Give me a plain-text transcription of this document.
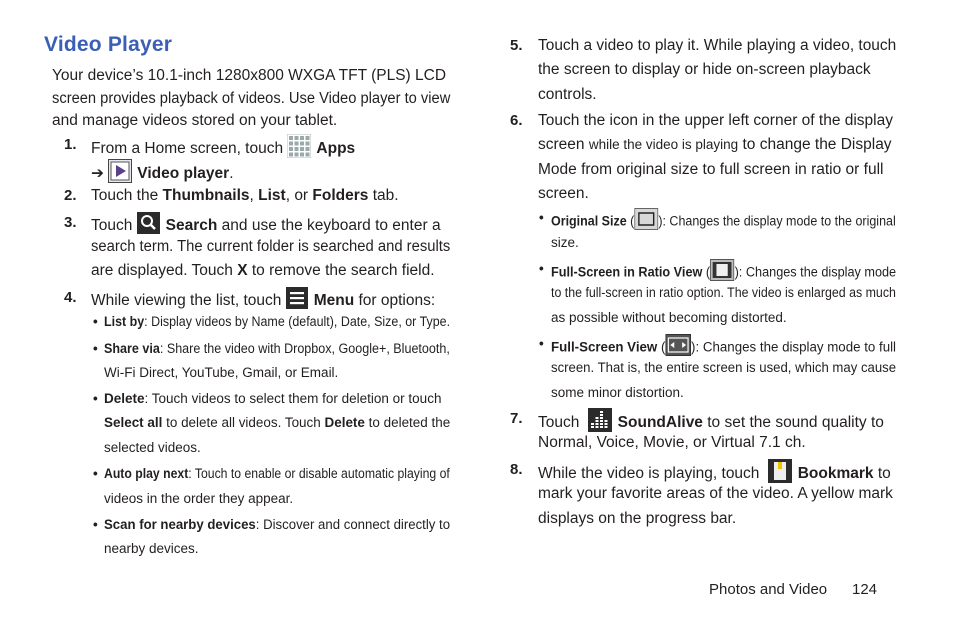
Video Player
Your device’s 10.1-inch 1280x800 WXGA TFT (PLS) LCD
screen provides playback of videos. Use Video player to view
and manage videos stored on your tablet.
1. From a Home screen, touch
Apps
➔
Video player.
2. Touch the Thumbnails, List, or Folders tab.
3. Touch
Search and use the keyboard to enter a
search term. The current folder is searched and results
are displayed. Touch X to remove the search field.
4. While viewing the list, touch
Menu for options:
• List by: Display videos by Name (default), Date, Size, or Type.
• Share via: Share the video with Dropbox, Google+, Bluetooth,
Wi-Fi Direct, YouTube, Gmail, or Email.
• Delete: Touch videos to select them for deletion or touch
Select all to delete all videos. Touch Delete to deleted the
selected videos.
• Auto play next: Touch to enable or disable automatic playing of
videos in the order they appear.
• Scan for nearby devices: Discover and connect directly to
nearby devices.
5. Touch a video to play it. While playing a video, touch
the screen to display or hide on-screen playback
controls.
6. Touch the icon in the upper left corner of the display
screen while the video is playing to change the Display
Mode from original size to full screen in ratio or full
screen.
• Original Size ( ): Changes the display mode to the original
size.
• Full-Screen in Ratio View ( ): Changes the display mode
to the full-screen in ratio option. The video is enlarged as much
as possible without becoming distorted.
• Full-Screen View ( ): Changes the display mode to full
screen. That is, the entire screen is used, which may cause
some minor distortion.
7. Touch
SoundAlive to set the sound quality to
Normal, Voice, Movie, or Virtual 7.1 ch.
8. While the video is playing, touch
Bookmark to
mark your favorite areas of the video. A yellow mark
displays on the progress bar.
Photos and Video 124
